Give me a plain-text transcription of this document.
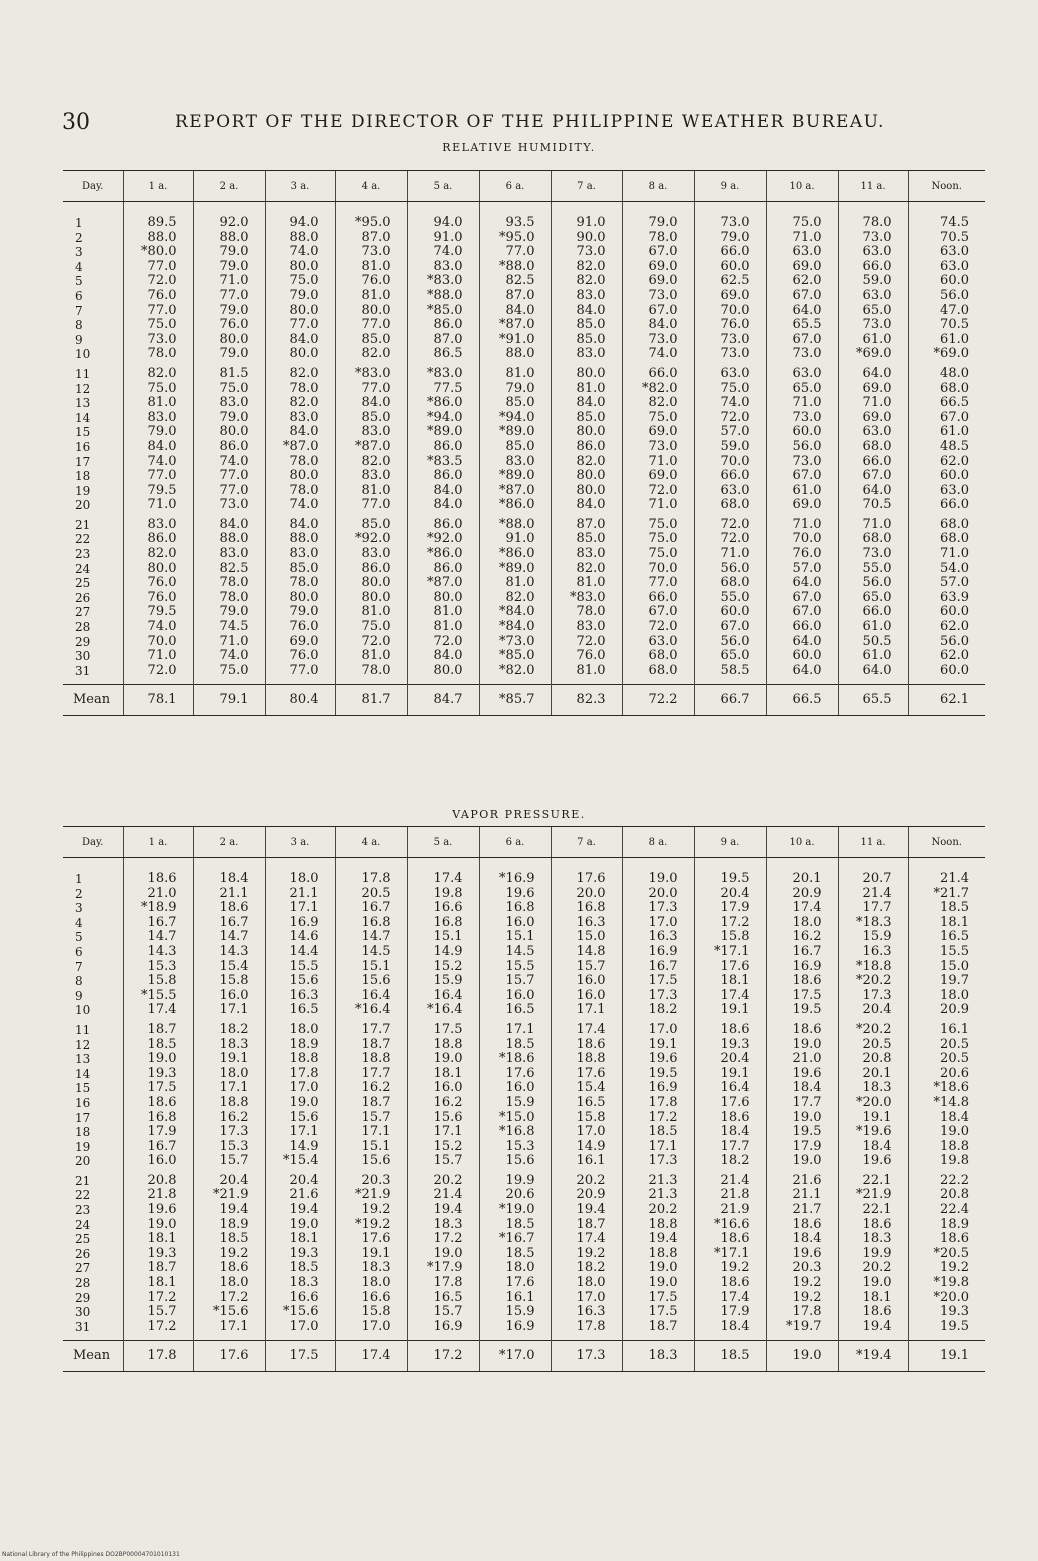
30	REPORT OF THE DIRECTOR OF THE PHILIPPINE WEATHER BUREAU.
RELATIVE HUMIDITY.
Day.	1 a.	2 a.	3 a.	4 a.	5 a.	6 a.	7 a.	8 a.	9 a.	10 a.	11 a.	Noon.
1	89.5	92.0	94.0	*95.0	94.0	93.5	91.0	79.0	73.0	75.0	78.0	74.5
2	88.0	88.0	88.0	87.0	91.0	*95.0	90.0	78.0	79.0	71.0	73.0	70.5
3	*80.0	79.0	74.0	73.0	74.0	77.0	73.0	67.0	66.0	63.0	63.0	63.0
4	77.0	79.0	80.0	81.0	83.0	*88.0	82.0	69.0	60.0	69.0	66.0	63.0
5	72.0	71.0	75.0	76.0	*83.0	82.5	82.0	69.0	62.5	62.0	59.0	60.0
6	76.0	77.0	79.0	81.0	*88.0	87.0	83.0	73.0	69.0	67.0	63.0	56.0
7	77.0	79.0	80.0	80.0	*85.0	84.0	84.0	67.0	70.0	64.0	65.0	47.0
8	75.0	76.0	77.0	77.0	86.0	*87.0	85.0	84.0	76.0	65.5	73.0	70.5
9	73.0	80.0	84.0	85.0	87.0	*91.0	85.0	73.0	73.0	67.0	61.0	61.0
10	78.0	79.0	80.0	82.0	86.5	88.0	83.0	74.0	73.0	73.0	*69.0	*69.0
11	82.0	81.5	82.0	*83.0	*83.0	81.0	80.0	66.0	63.0	63.0	64.0	48.0
12	75.0	75.0	78.0	77.0	77.5	79.0	81.0	*82.0	75.0	65.0	69.0	68.0
13	81.0	83.0	82.0	84.0	*86.0	85.0	84.0	82.0	74.0	71.0	71.0	66.5
14	83.0	79.0	83.0	85.0	*94.0	*94.0	85.0	75.0	72.0	73.0	69.0	67.0
15	79.0	80.0	84.0	83.0	*89.0	*89.0	80.0	69.0	57.0	60.0	63.0	61.0
16	84.0	86.0	*87.0	*87.0	86.0	85.0	86.0	73.0	59.0	56.0	68.0	48.5
17	74.0	74.0	78.0	82.0	*83.5	83.0	82.0	71.0	70.0	73.0	66.0	62.0
18	77.0	77.0	80.0	83.0	86.0	*89.0	80.0	69.0	66.0	67.0	67.0	60.0
19	79.5	77.0	78.0	81.0	84.0	*87.0	80.0	72.0	63.0	61.0	64.0	63.0
20	71.0	73.0	74.0	77.0	84.0	*86.0	84.0	71.0	68.0	69.0	70.5	66.0
21	83.0	84.0	84.0	85.0	86.0	*88.0	87.0	75.0	72.0	71.0	71.0	68.0
22	86.0	88.0	88.0	*92.0	*92.0	91.0	85.0	75.0	72.0	70.0	68.0	68.0
23	82.0	83.0	83.0	83.0	*86.0	*86.0	83.0	75.0	71.0	76.0	73.0	71.0
24	80.0	82.5	85.0	86.0	86.0	*89.0	82.0	70.0	56.0	57.0	55.0	54.0
25	76.0	78.0	78.0	80.0	*87.0	81.0	81.0	77.0	68.0	64.0	56.0	57.0
26	76.0	78.0	80.0	80.0	80.0	82.0	*83.0	66.0	55.0	67.0	65.0	63.9
27	79.5	79.0	79.0	81.0	81.0	*84.0	78.0	67.0	60.0	67.0	66.0	60.0
28	74.0	74.5	76.0	75.0	81.0	*84.0	83.0	72.0	67.0	66.0	61.0	62.0
29	70.0	71.0	69.0	72.0	72.0	*73.0	72.0	63.0	56.0	64.0	50.5	56.0
30	71.0	74.0	76.0	81.0	84.0	*85.0	76.0	68.0	65.0	60.0	61.0	62.0
31	72.0	75.0	77.0	78.0	80.0	*82.0	81.0	68.0	58.5	64.0	64.0	60.0
Mean	78.1	79.1	80.4	81.7	84.7	*85.7	82.3	72.2	66.7	66.5	65.5	62.1
VAPOR PRESSURE.
Day.	1 a.	2 a.	3 a.	4 a.	5 a.	6 a.	7 a.	8 a.	9 a.	10 a.	11 a.	Noon.
1	18.6	18.4	18.0	17.8	17.4	*16.9	17.6	19.0	19.5	20.1	20.7	21.4
2	21.0	21.1	21.1	20.5	19.8	19.6	20.0	20.0	20.4	20.9	21.4	*21.7
3	*18.9	18.6	17.1	16.7	16.6	16.8	16.8	17.3	17.9	17.4	17.7	18.5
4	16.7	16.7	16.9	16.8	16.8	16.0	16.3	17.0	17.2	18.0	*18.3	18.1
5	14.7	14.7	14.6	14.7	15.1	15.1	15.0	16.3	15.8	16.2	15.9	16.5
6	14.3	14.3	14.4	14.5	14.9	14.5	14.8	16.9	*17.1	16.7	16.3	15.5
7	15.3	15.4	15.5	15.1	15.2	15.5	15.7	16.7	17.6	16.9	*18.8	15.0
8	15.8	15.8	15.6	15.6	15.9	15.7	16.0	17.5	18.1	18.6	*20.2	19.7
9	*15.5	16.0	16.3	16.4	16.4	16.0	16.0	17.3	17.4	17.5	17.3	18.0
10	17.4	17.1	16.5	*16.4	*16.4	16.5	17.1	18.2	19.1	19.5	20.4	20.9
11	18.7	18.2	18.0	17.7	17.5	17.1	17.4	17.0	18.6	18.6	*20.2	16.1
12	18.5	18.3	18.9	18.7	18.8	18.5	18.6	19.1	19.3	19.0	20.5	20.5
13	19.0	19.1	18.8	18.8	19.0	*18.6	18.8	19.6	20.4	21.0	20.8	20.5
14	19.3	18.0	17.8	17.7	18.1	17.6	17.6	19.5	19.1	19.6	20.1	20.6
15	17.5	17.1	17.0	16.2	16.0	16.0	15.4	16.9	16.4	18.4	18.3	*18.6
16	18.6	18.8	19.0	18.7	16.2	15.9	16.5	17.8	17.6	17.7	*20.0	*14.8
17	16.8	16.2	15.6	15.7	15.6	*15.0	15.8	17.2	18.6	19.0	19.1	18.4
18	17.9	17.3	17.1	17.1	17.1	*16.8	17.0	18.5	18.4	19.5	*19.6	19.0
19	16.7	15.3	14.9	15.1	15.2	15.3	14.9	17.1	17.7	17.9	18.4	18.8
20	16.0	15.7	*15.4	15.6	15.7	15.6	16.1	17.3	18.2	19.0	19.6	19.8
21	20.8	20.4	20.4	20.3	20.2	19.9	20.2	21.3	21.4	21.6	22.1	22.2
22	21.8	*21.9	21.6	*21.9	21.4	20.6	20.9	21.3	21.8	21.1	*21.9	20.8
23	19.6	19.4	19.4	19.2	19.4	*19.0	19.4	20.2	21.9	21.7	22.1	22.4
24	19.0	18.9	19.0	*19.2	18.3	18.5	18.7	18.8	*16.6	18.6	18.6	18.9
25	18.1	18.5	18.1	17.6	17.2	*16.7	17.4	19.4	18.6	18.4	18.3	18.6
26	19.3	19.2	19.3	19.1	19.0	18.5	19.2	18.8	*17.1	19.6	19.9	*20.5
27	18.7	18.6	18.5	18.3	*17.9	18.0	18.2	19.0	19.2	20.3	20.2	19.2
28	18.1	18.0	18.3	18.0	17.8	17.6	18.0	19.0	18.6	19.2	19.0	*19.8
29	17.2	17.2	16.6	16.6	16.5	16.1	17.0	17.5	17.4	19.2	18.1	*20.0
30	15.7	*15.6	*15.6	15.8	15.7	15.9	16.3	17.5	17.9	17.8	18.6	19.3
31	17.2	17.1	17.0	17.0	16.9	16.9	17.8	18.7	18.4	*19.7	19.4	19.5
Mean	17.8	17.6	17.5	17.4	17.2	*17.0	17.3	18.3	18.5	19.0	*19.4	19.1
National Library of the Philippines DO2BP00004701010131
